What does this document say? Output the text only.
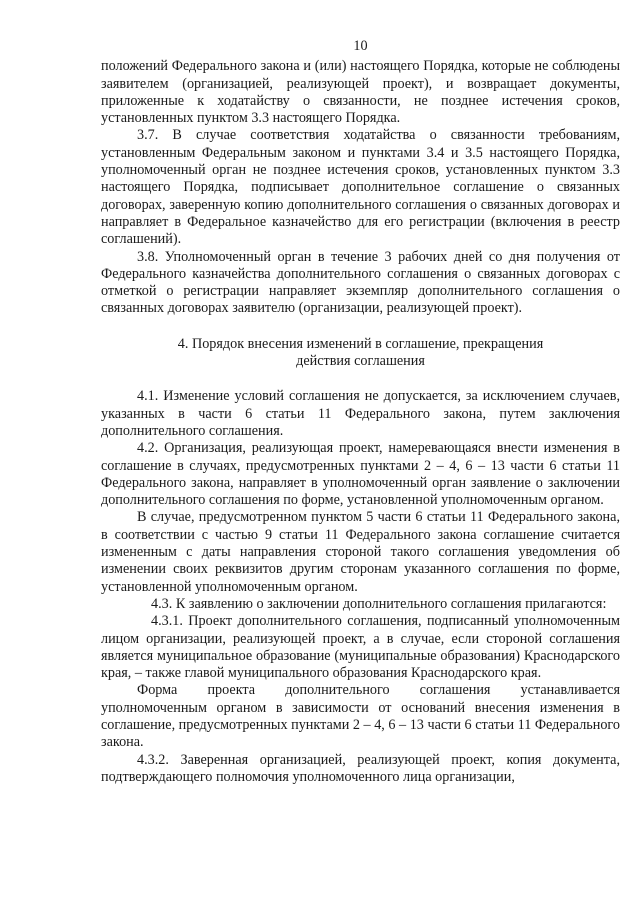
10

положений Федерального закона и (или) настоящего Порядка, которые не соблюдены заявителем (организацией, реализующей проект), и возвращает документы, приложенные к ходатайству о связанности, не позднее истечения сроков, установленных пунктом 3.3 настоящего Порядка.

3.7. В случае соответствия ходатайства о связанности требованиям, установленным Федеральным законом и пунктами 3.4 и 3.5 настоящего Порядка, уполномоченный орган не позднее истечения сроков, установленных пунктом 3.3 настоящего Порядка, подписывает дополнительное соглашение о связанных договорах, заверенную копию дополнительного соглашения о связанных договорах и направляет в Федеральное казначейство для его регистрации (включения в реестр соглашений).

3.8. Уполномоченный орган в течение 3 рабочих дней со дня получения от Федерального казначейства дополнительного соглашения о связанных договорах с отметкой о регистрации направляет экземпляр дополнительного соглашения о связанных договорах заявителю (организации, реализующей проект).

4. Порядок внесения изменений в соглашение, прекращения
действия соглашения

4.1. Изменение условий соглашения не допускается, за исключением случаев, указанных в части 6 статьи 11 Федерального закона, путем заключения дополнительного соглашения.

4.2. Организация, реализующая проект, намеревающаяся внести изменения в соглашение в случаях, предусмотренных пунктами 2 – 4, 6 – 13 части 6 статьи 11 Федерального закона, направляет в уполномоченный орган заявление о заключении дополнительного соглашения по форме, установленной уполномоченным органом.

В случае, предусмотренном пунктом 5 части 6 статьи 11 Федерального закона, в соответствии с частью 9 статьи 11 Федерального закона соглашение считается измененным с даты направления стороной такого соглашения уведомления об изменении своих реквизитов другим сторонам указанного соглашения по форме, установленной уполномоченным органом.

4.3. К заявлению о заключении дополнительного соглашения прилагаются:

4.3.1. Проект дополнительного соглашения, подписанный уполномоченным лицом организации, реализующей проект, а в случае, если стороной соглашения является муниципальное образование (муниципальные образования) Краснодарского края, – также главой муниципального образования Краснодарского края.

Форма проекта дополнительного соглашения устанавливается уполномоченным органом в зависимости от оснований внесения изменения в соглашение, предусмотренных пунктами 2 – 4, 6 – 13 части 6 статьи 11 Федерального закона.

4.3.2. Заверенная организацией, реализующей проект, копия документа, подтверждающего полномочия уполномоченного лица организации,
